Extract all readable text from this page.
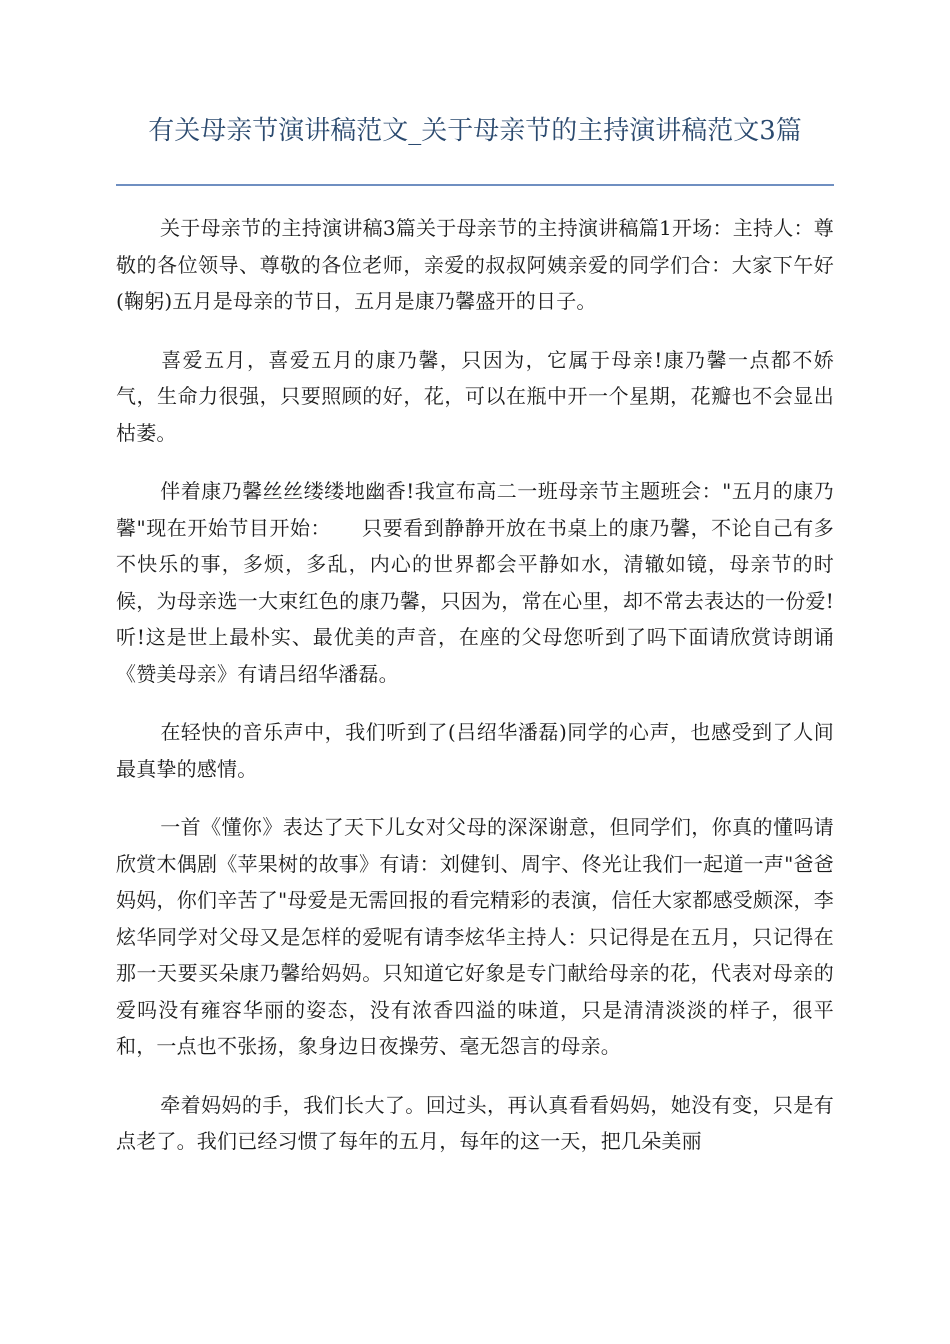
有关母亲节演讲稿范文_关于母亲节的主持演讲稿范文3篇

关于母亲节的主持演讲稿3篇关于母亲节的主持演讲稿篇1开场：主持人：尊敬的各位领导、尊敬的各位老师，亲爱的叔叔阿姨亲爱的同学们合：大家下午好(鞠躬)五月是母亲的节日，五月是康乃馨盛开的日子。

喜爱五月，喜爱五月的康乃馨，只因为，它属于母亲!康乃馨一点都不娇气，生命力很强，只要照顾的好，花，可以在瓶中开一个星期，花瓣也不会显出枯萎。

伴着康乃馨丝丝缕缕地幽香!我宣布高二一班母亲节主题班会："五月的康乃馨"现在开始节目开始：　　只要看到静静开放在书桌上的康乃馨，不论自己有多不快乐的事，多烦，多乱，内心的世界都会平静如水，清辙如镜，母亲节的时候，为母亲选一大束红色的康乃馨，只因为，常在心里，却不常去表达的一份爱!听!这是世上最朴实、最优美的声音，在座的父母您听到了吗下面请欣赏诗朗诵《赞美母亲》有请吕绍华潘磊。

在轻快的音乐声中，我们听到了(吕绍华潘磊)同学的心声，也感受到了人间最真挚的感情。

一首《懂你》表达了天下儿女对父母的深深谢意，但同学们，你真的懂吗请欣赏木偶剧《苹果树的故事》有请：刘健钊、周宇、佟光让我们一起道一声"爸爸妈妈，你们辛苦了"母爱是无需回报的看完精彩的表演，信任大家都感受颇深，李炫华同学对父母又是怎样的爱呢有请李炫华主持人：只记得是在五月，只记得在那一天要买朵康乃馨给妈妈。只知道它好象是专门献给母亲的花，代表对母亲的爱吗没有雍容华丽的姿态，没有浓香四溢的味道，只是清清淡淡的样子，很平和，一点也不张扬，象身边日夜操劳、毫无怨言的母亲。

牵着妈妈的手，我们长大了。回过头，再认真看看妈妈，她没有变，只是有点老了。我们已经习惯了每年的五月，每年的这一天，把几朵美丽
